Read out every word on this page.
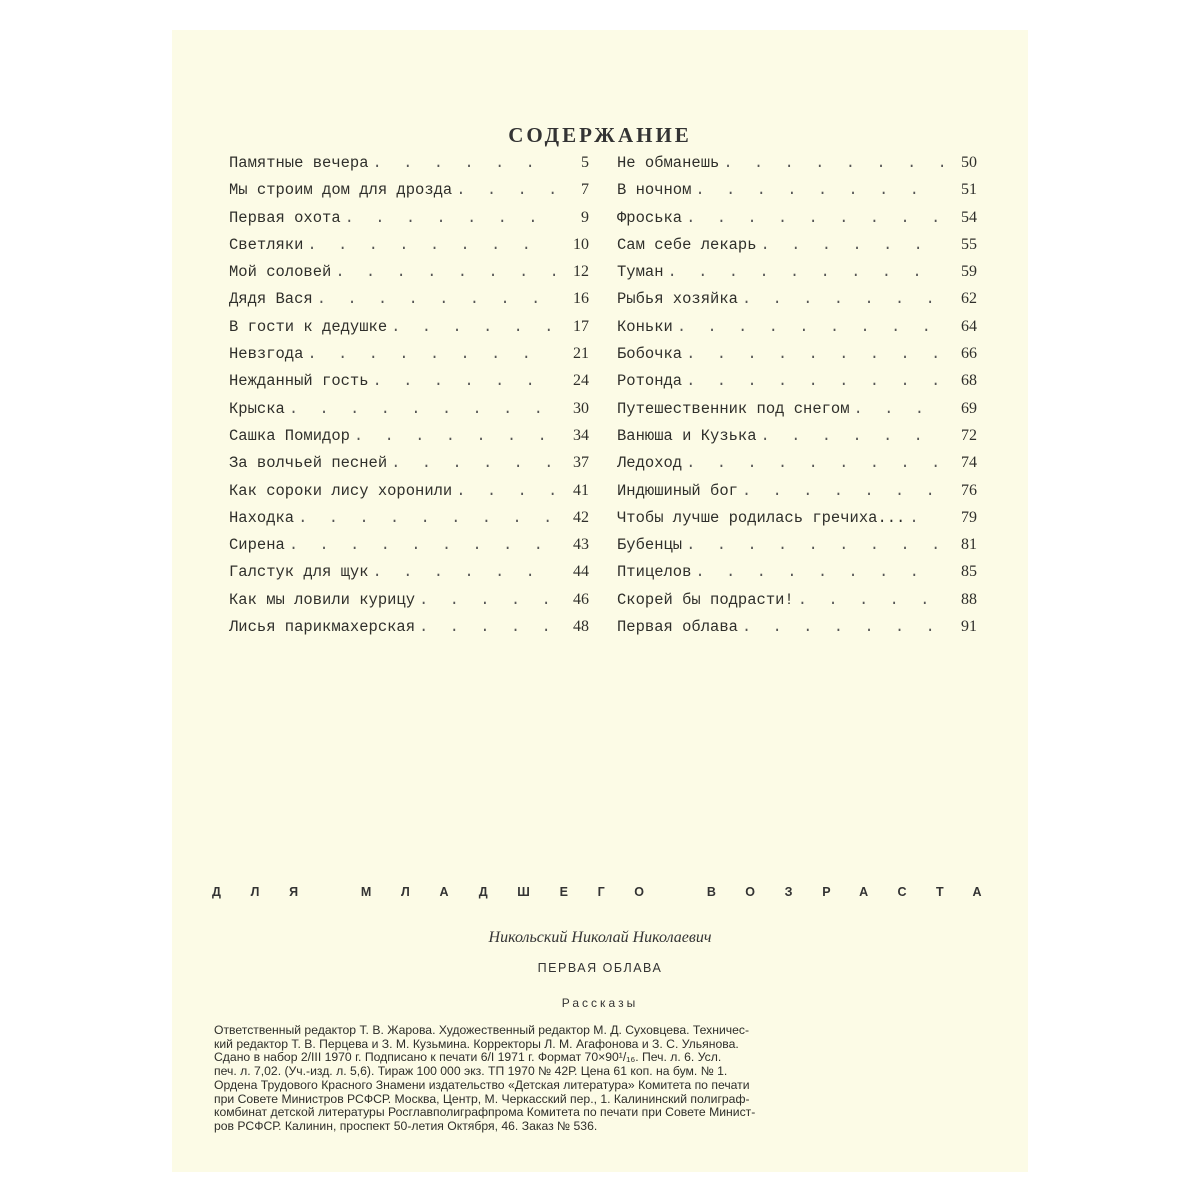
СОДЕРЖАНИЕ
Памятные вечера . . .	5
Мы строим дом для дрозда . . .	7
Первая охота . . .	9
Светляки . . .	10
Мой соловей . . .	12
Дядя Вася . . .	16
В гости к дедушке . . .	17
Невзгода . . .	21
Нежданный гость . . .	24
Крыска . . .	30
Сашка Помидор . . .	34
За волчьей песней . . .	37
Как сороки лису хоронили . . .	41
Находка . . .	42
Сирена . . .	43
Галстук для щук . . .	44
Как мы ловили курицу . . .	46
Лисья парикмахерская . . .	48
Не обманешь . . .	50
В ночном . . .	51
Фроська . . .	54
Сам себе лекарь . . .	55
Туман . . .	59
Рыбья хозяйка . . .	62
Коньки . . .	64
Бобочка . . .	66
Ротонда . . .	68
Путешественник под снегом . . .	69
Ванюша и Кузька . . .	72
Ледоход . . .	74
Индюшиный бог . . .	76
Чтобы лучше родилась гречиха... . . .	79
Бубенцы . . .	81
Птицелов . . .	85
Скорей бы подрасти! . . .	88
Первая облава . . .	91
ДЛЯ МЛАДШЕГО ВОЗРАСТА
Никольский Николай Николаевич
ПЕРВАЯ ОБЛАВА
Рассказы
Ответственный редактор Т. В. Жарова. Художественный редактор М. Д. Суховцева. Техничес-
кий редактор Т. В. Перцева и З. М. Кузьмина. Корректоры Л. М. Агафонова и З. С. Ульянова.
Сдано в набор 2/III 1970 г. Подписано к печати 6/I 1971 г. Формат 70×90¹/₁₆. Печ. л. 6. Усл.
печ. л. 7,02. (Уч.-изд. л. 5,6). Тираж 100 000 экз. ТП 1970 № 42Р. Цена 61 коп. на бум. № 1.
Ордена Трудового Красного Знамени издательство «Детская литература» Комитета по печати
при Совете Министров РСФСР. Москва, Центр, М. Черкасский пер., 1. Калининский полиграф-
комбинат детской литературы Росглавполиграфпрома Комитета по печати при Совете Минист-
ров РСФСР. Калинин, проспект 50-летия Октября, 46. Заказ № 536.
